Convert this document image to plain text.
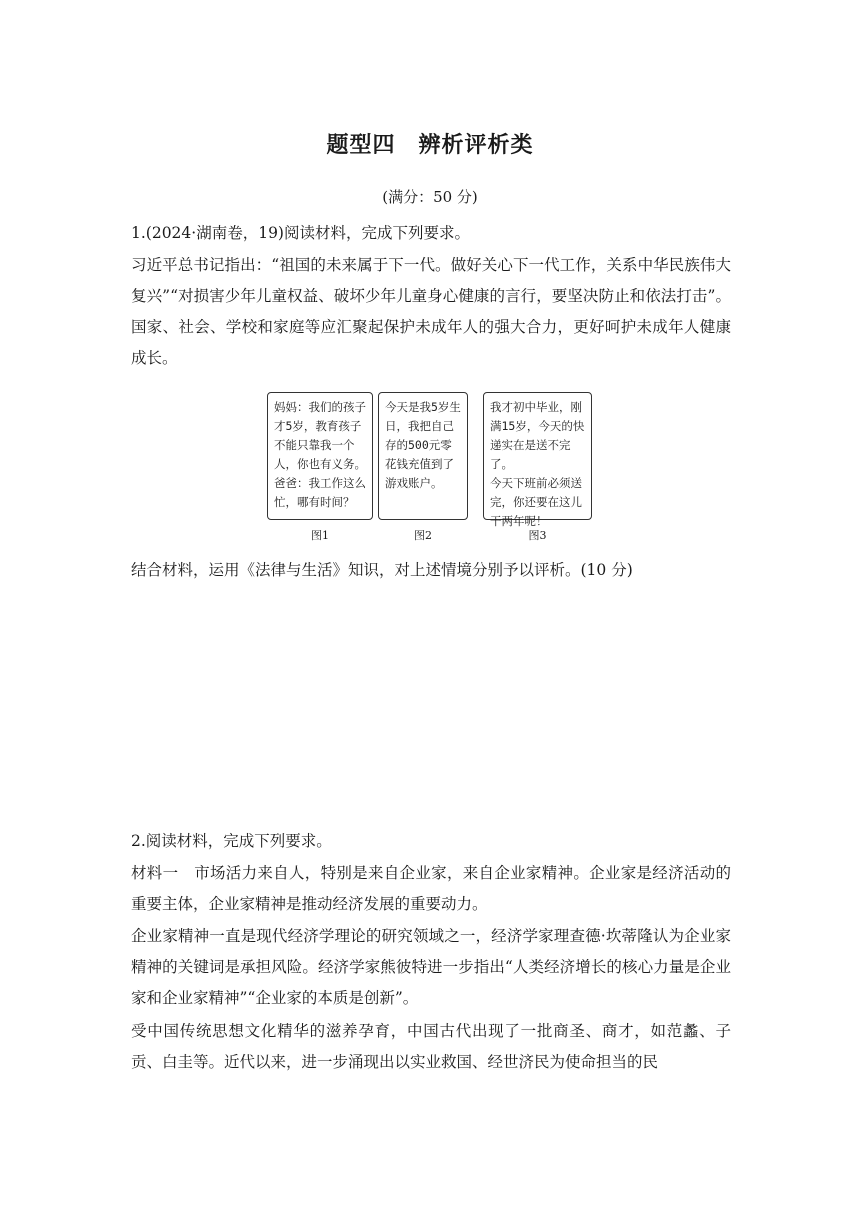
题型四　辨析评析类
(满分：50 分)

1.(2024·湖南卷，19)阅读材料，完成下列要求。

习近平总书记指出：“祖国的未来属于下一代。做好关心下一代工作，关系中华民族伟大复兴”“对损害少年儿童权益、破坏少年儿童身心健康的言行，要坚决防止和依法打击”。国家、社会、学校和家庭等应汇聚起保护未成年人的强大合力，更好呵护未成年人健康成长。

妈妈：我们的孩子才5岁，教育孩子不能只靠我一个人，你也有义务。
爸爸：我工作这么忙，哪有时间？
今天是我5岁生日，我把自己存的500元零花钱充值到了游戏账户。
我才初中毕业，刚满15岁，今天的快递实在是送不完了。
今天下班前必须送完，你还要在这儿干两年呢！
图1	图2	图3

结合材料，运用《法律与生活》知识，对上述情境分别予以评析。(10 分)

2.阅读材料，完成下列要求。

材料一　市场活力来自人，特别是来自企业家，来自企业家精神。企业家是经济活动的重要主体，企业家精神是推动经济发展的重要动力。

企业家精神一直是现代经济学理论的研究领域之一，经济学家理查德·坎蒂隆认为企业家精神的关键词是承担风险。经济学家熊彼特进一步指出“人类经济增长的核心力量是企业家和企业家精神”“企业家的本质是创新”。

受中国传统思想文化精华的滋养孕育，中国古代出现了一批商圣、商才，如范蠡、子贡、白圭等。近代以来，进一步涌现出以实业救国、经世济民为使命担当的民
